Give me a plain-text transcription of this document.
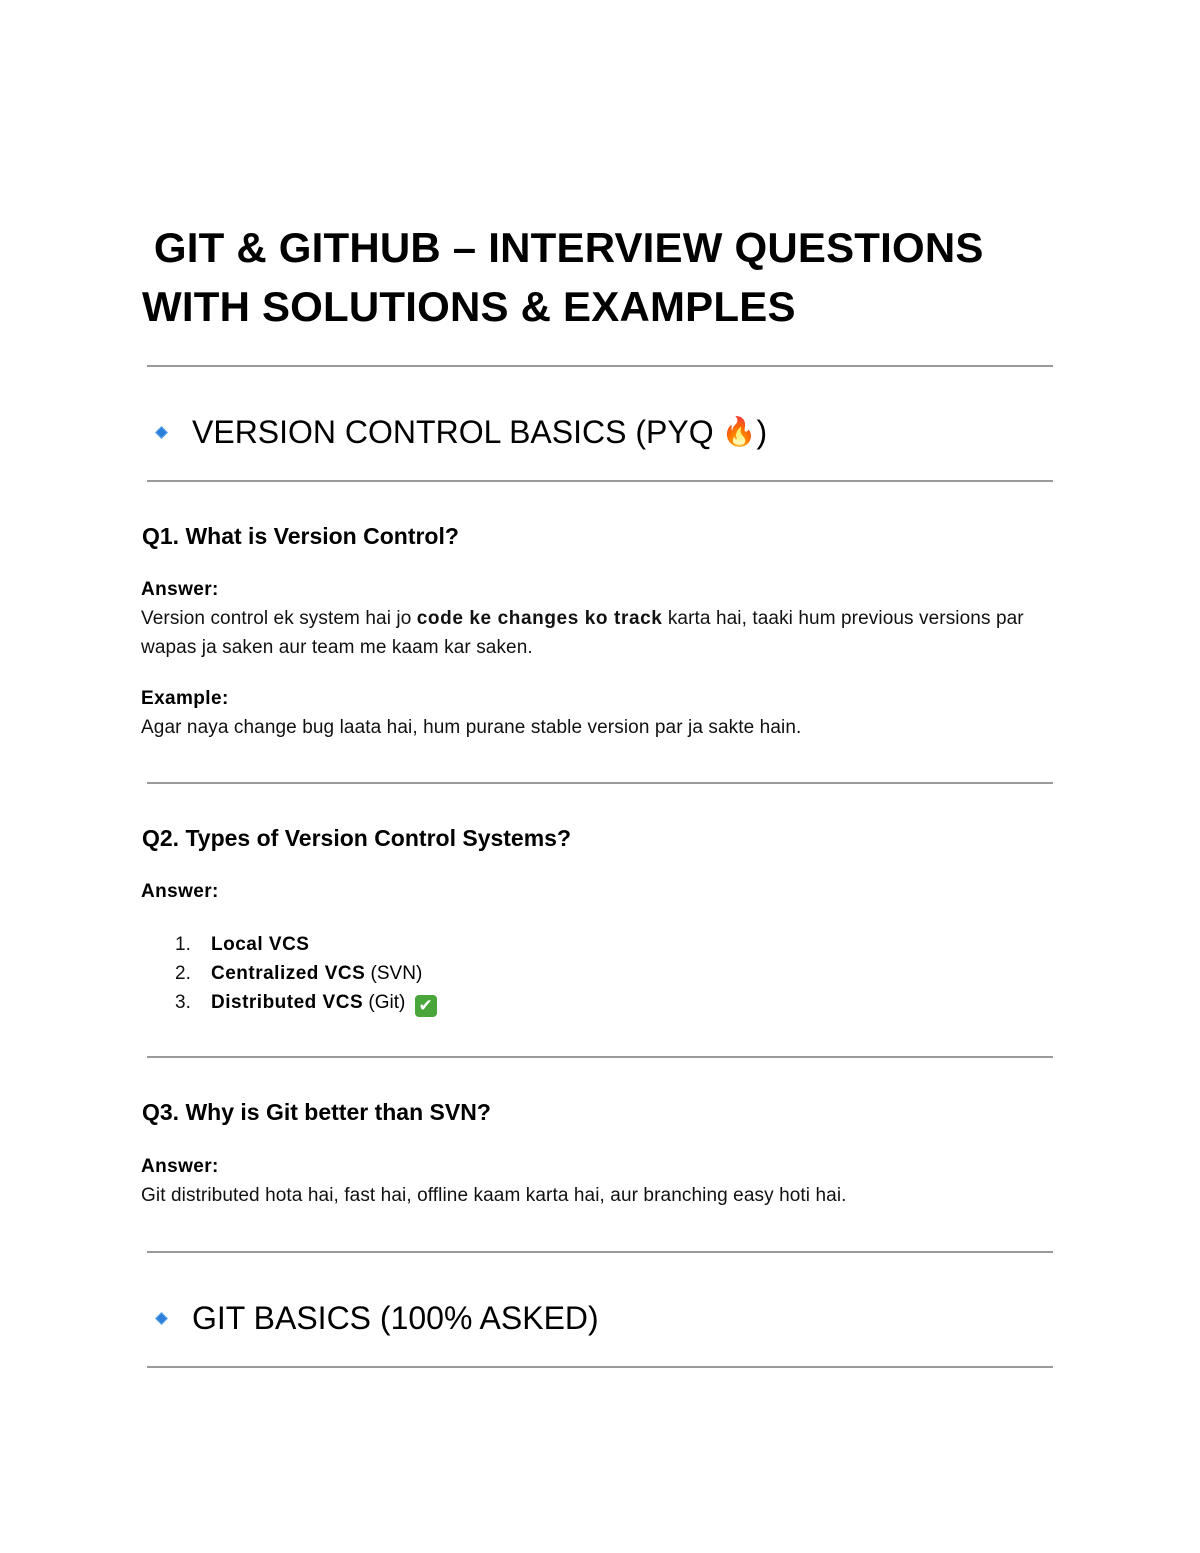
GIT & GITHUB – INTERVIEW QUESTIONS
WITH SOLUTIONS & EXAMPLES
VERSION CONTROL BASICS (PYQ 🔥 )
Q1. What is Version Control?
Answer:
Version control ek system hai jo code ke changes ko track karta hai, taaki hum previous versions par wapas ja saken aur team me kaam kar saken.
Example:
Agar naya change bug laata hai, hum purane stable version par ja sakte hain.
Q2. Types of Version Control Systems?
Answer:
1. Local VCS
2. Centralized VCS (SVN)
3. Distributed VCS (Git) ✔
Q3. Why is Git better than SVN?
Answer:
Git distributed hota hai, fast hai, offline kaam karta hai, aur branching easy hoti hai.
GIT BASICS (100% ASKED)
